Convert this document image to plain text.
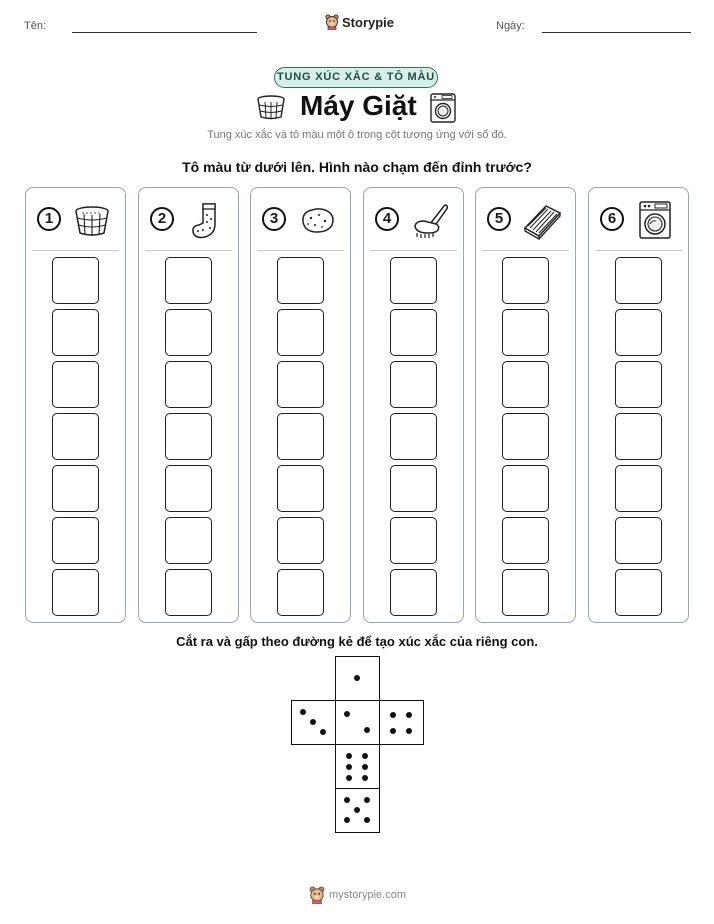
Tên:	Storypie	Ngày:
TUNG XÚC XẮC & TÔ MÀU
Máy Giặt
Tung xúc xắc và tô màu một ô trong cột tương ứng với số đó.
Tô màu từ dưới lên. Hình nào chạm đến đỉnh trước?
1	2	3	4	5	6
Cắt ra và gấp theo đường kẻ để tạo xúc xắc của riêng con.
mystorypie.com
